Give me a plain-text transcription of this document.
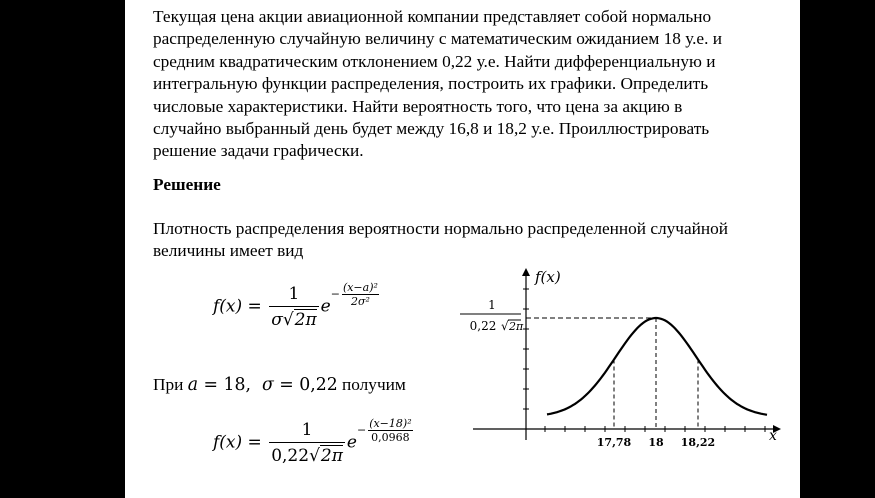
Текущая цена акции авиационной компании представляет собой нормально
распределенную случайную величину с математическим ожиданием 18 у.е. и
средним квадратическим отклонением 0,22 у.е. Найти дифференциальную и
интегральную функции распределения, построить их графики. Определить
числовые характеристики. Найти вероятность того, что цена за акцию в
случайно выбранный день будет между 16,8 и 18,2 у.е. Проиллюстрировать
решение задачи графически.
Решение
Плотность распределения вероятности нормально распределенной случайной
величины имеет вид
$f(x) = \frac{1}{\sigma√2\pi} e- \frac{\text{(x−a)²}}{\text{2σ²}}$
При a = 18,  σ = 0,22 получим
$f(x) = \frac{1}{0,22√2\pi} e- \frac{\text{(x−18)²}}{0,0968}$
f(x)
x
1
0,22 √ 2π
17,78 18 18,22
